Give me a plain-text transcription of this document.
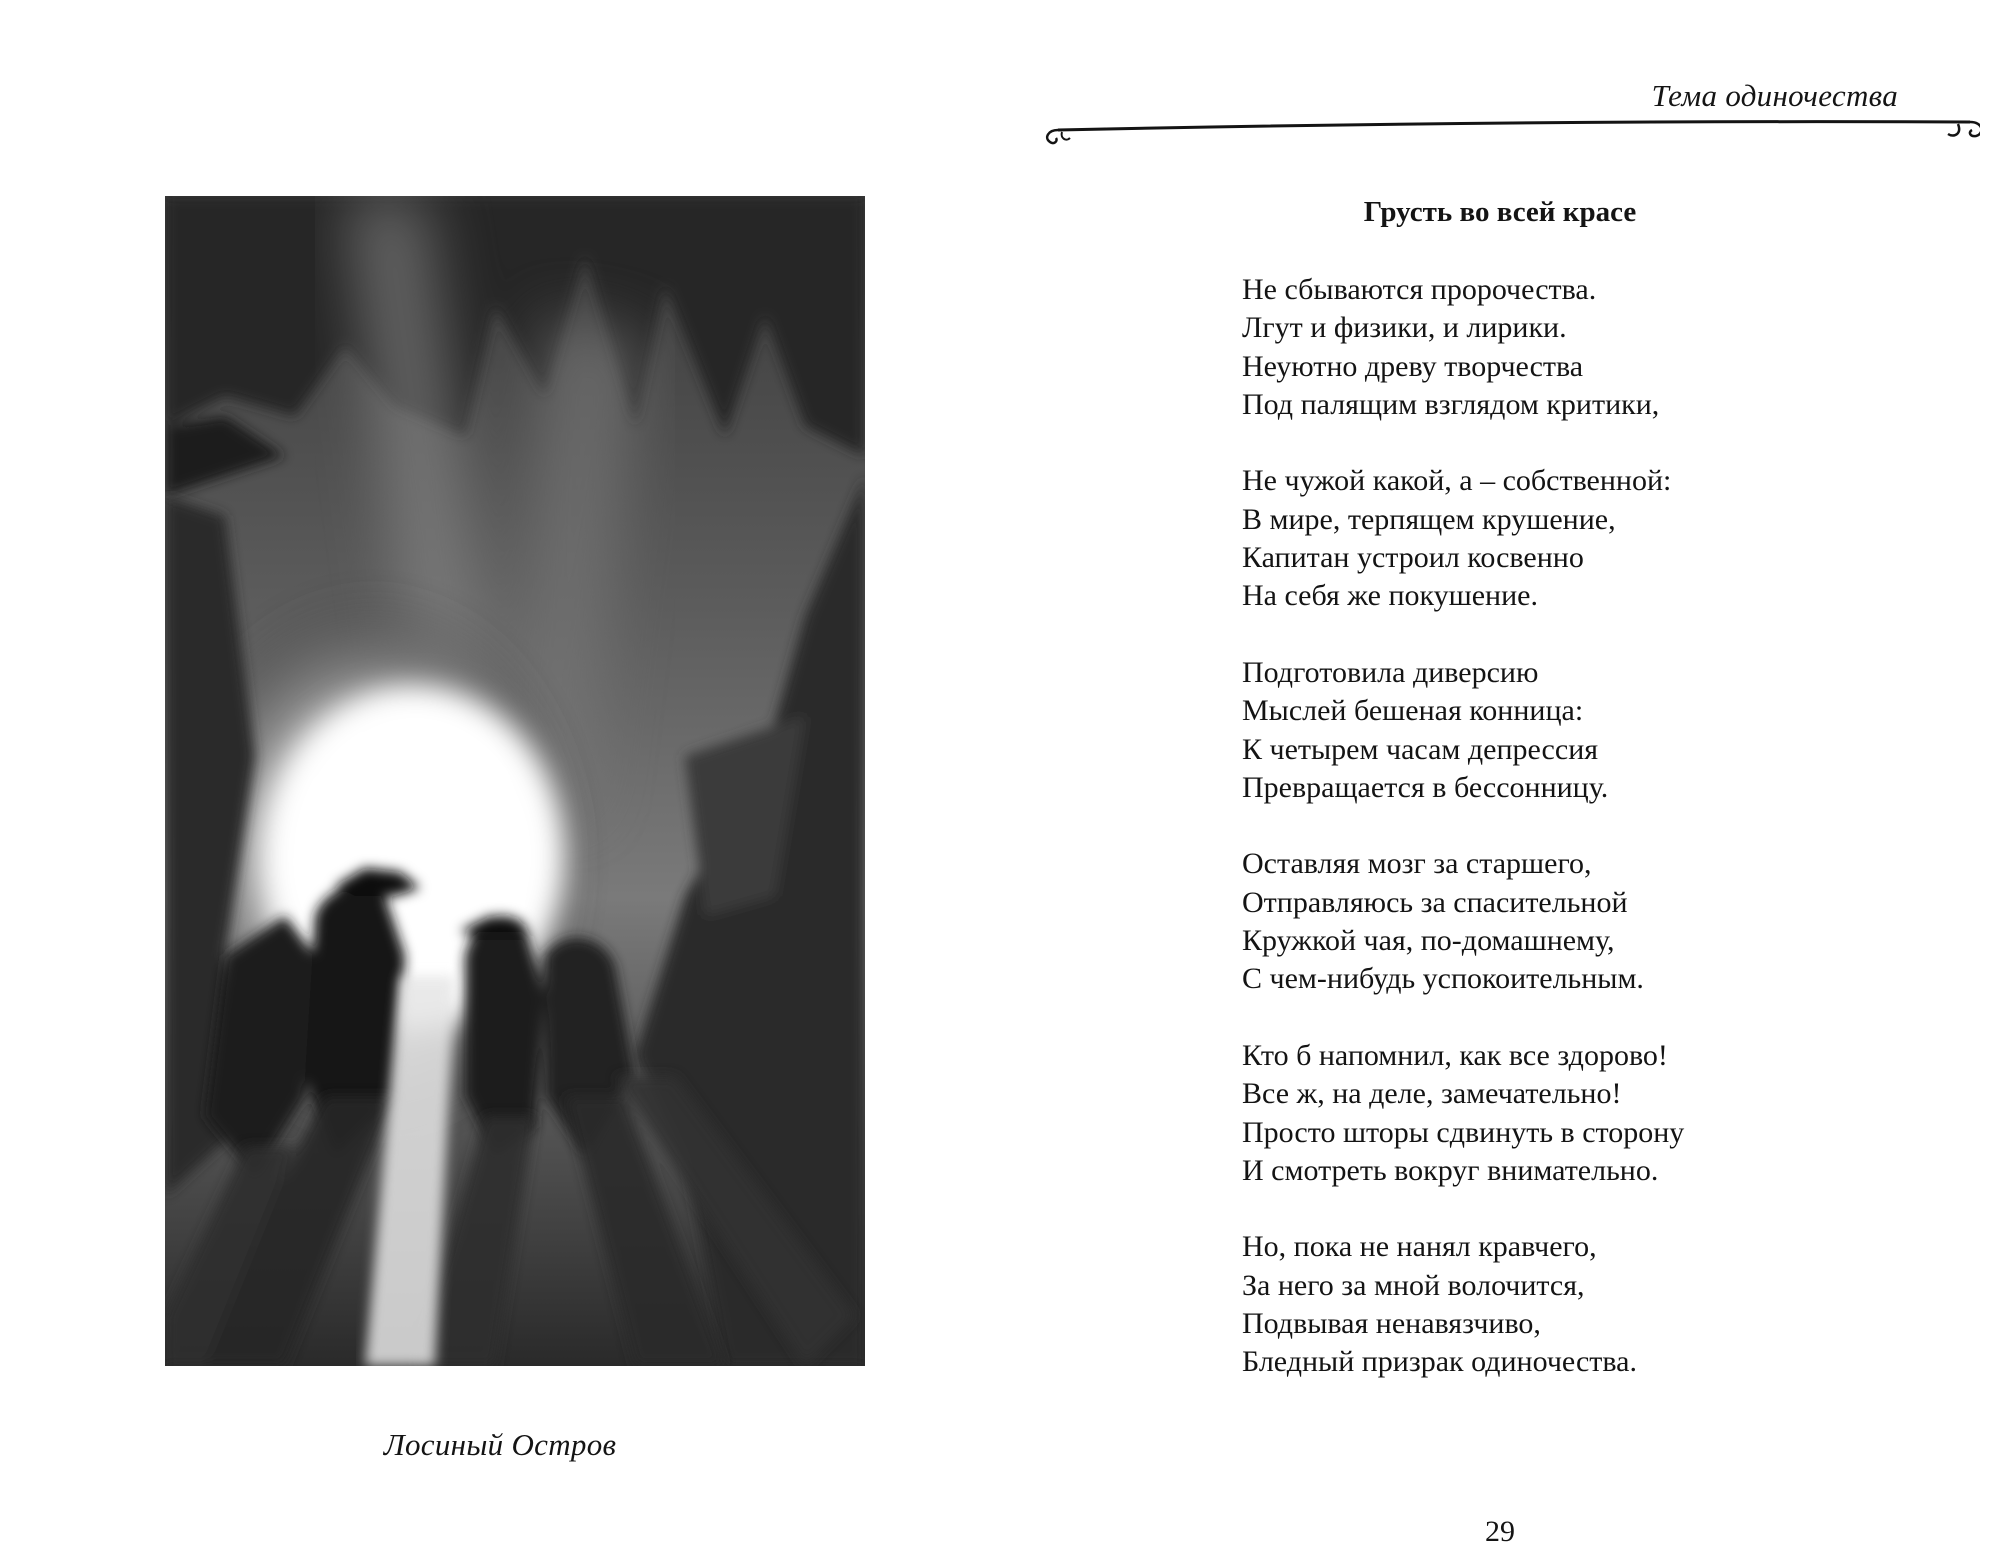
Лосиный Остров
Тема одиночества
Грусть во всей красе
Не сбываются пророчества.
Лгут и физики, и лирики.
Неуютно древу творчества
Под палящим взглядом критики,
Не чужой какой, а – собственной:
В мире, терпящем крушение,
Капитан устроил косвенно
На себя же покушение.
Подготовила диверсию
Мыслей бешеная конница:
К четырем часам депрессия
Превращается в бессонницу.
Оставляя мозг за старшего,
Отправляюсь за спасительной
Кружкой чая, по-домашнему,
С чем-нибудь успокоительным.
Кто б напомнил, как все здорово!
Все ж, на деле, замечательно!
Просто шторы сдвинуть в сторону
И смотреть вокруг внимательно.
Но, пока не нанял кравчего,
За него за мной волочится,
Подвывая ненавязчиво,
Бледный призрак одиночества.
29
